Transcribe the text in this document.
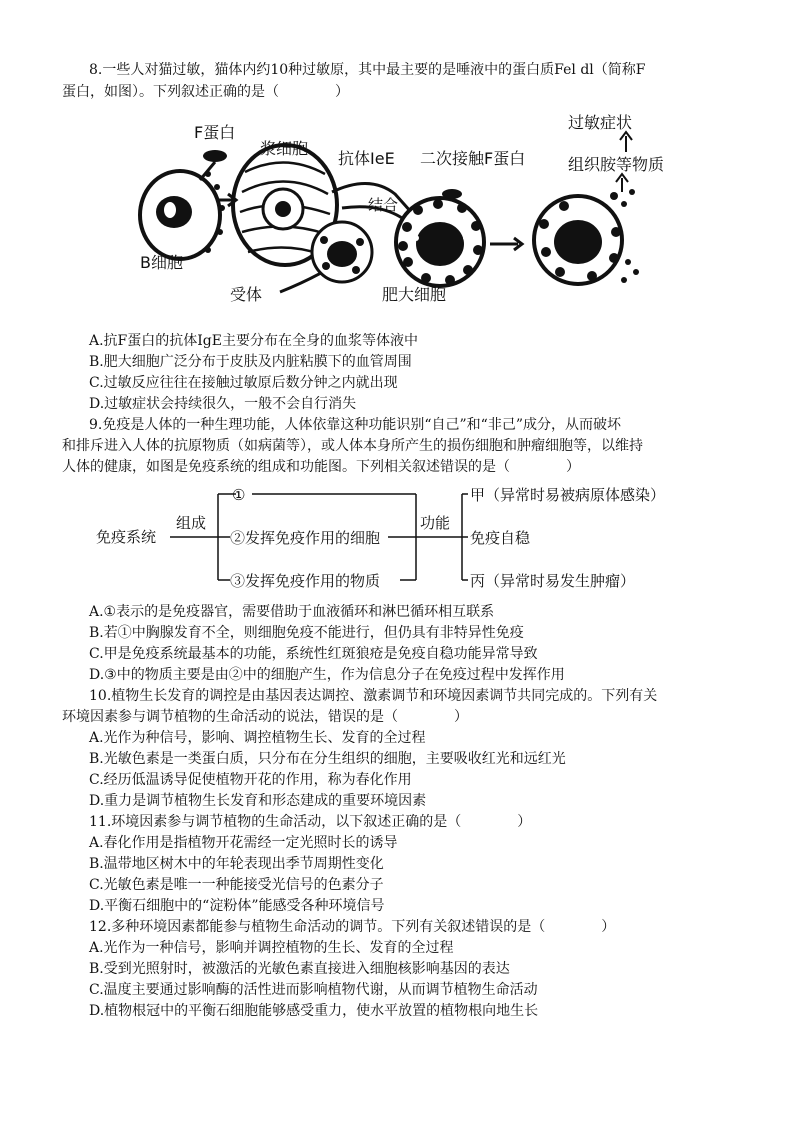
8.一些人对猫过敏，猫体内约10种过敏原，其中最主要的是唾液中的蛋白质Fel dl（简称F
蛋白，如图）。下列叙述正确的是（　　　　）
F蛋白
B细胞
浆细胞
抗体IeE
结合
二次接触F蛋白
受体	肥大细胞
过敏症状
组织胺等物质
A.抗F蛋白的抗体IgE主要分布在全身的血浆等体液中
B.肥大细胞广泛分布于皮肤及内脏粘膜下的血管周围
C.过敏反应往往在接触过敏原后数分钟之内就出现
D.过敏症状会持续很久，一般不会自行消失
9.免疫是人体的一种生理功能，人体依靠这种功能识别“自己”和“非己”成分，从而破坏
和排斥进入人体的抗原物质（如病菌等），或人体本身所产生的损伤细胞和肿瘤细胞等，以维持
人体的健康，如图是免疫系统的组成和功能图。下列相关叙述错误的是（　　　　）
免疫系统
组成
①
②发挥免疫作用的细胞
③发挥免疫作用的物质
功能
甲（异常时易被病原体感染）
免疫自稳
丙（异常时易发生肿瘤）
A.①表示的是免疫器官，需要借助于血液循环和淋巴循环相互联系
B.若①中胸腺发育不全，则细胞免疫不能进行，但仍具有非特异性免疫
C.甲是免疫系统最基本的功能，系统性红斑狼疮是免疫自稳功能异常导致
D.③中的物质主要是由②中的细胞产生，作为信息分子在免疫过程中发挥作用
10.植物生长发育的调控是由基因表达调控、激素调节和环境因素调节共同完成的。下列有关
环境因素参与调节植物的生命活动的说法，错误的是（　　　　）
A.光作为种信号，影响、调控植物生长、发育的全过程
B.光敏色素是一类蛋白质，只分布在分生组织的细胞，主要吸收红光和远红光
C.经历低温诱导促使植物开花的作用，称为春化作用
D.重力是调节植物生长发育和形态建成的重要环境因素
11.环境因素参与调节植物的生命活动，以下叙述正确的是（　　　　）
A.春化作用是指植物开花需经一定光照时长的诱导
B.温带地区树木中的年轮表现出季节周期性变化
C.光敏色素是唯一一种能接受光信号的色素分子
D.平衡石细胞中的“淀粉体”能感受各种环境信号
12.多种环境因素都能参与植物生命活动的调节。下列有关叙述错误的是（　　　　）
A.光作为一种信号，影响并调控植物的生长、发育的全过程
B.受到光照射时，被激活的光敏色素直接进入细胞核影响基因的表达
C.温度主要通过影响酶的活性进而影响植物代谢，从而调节植物生命活动
D.植物根冠中的平衡石细胞能够感受重力，使水平放置的植物根向地生长
